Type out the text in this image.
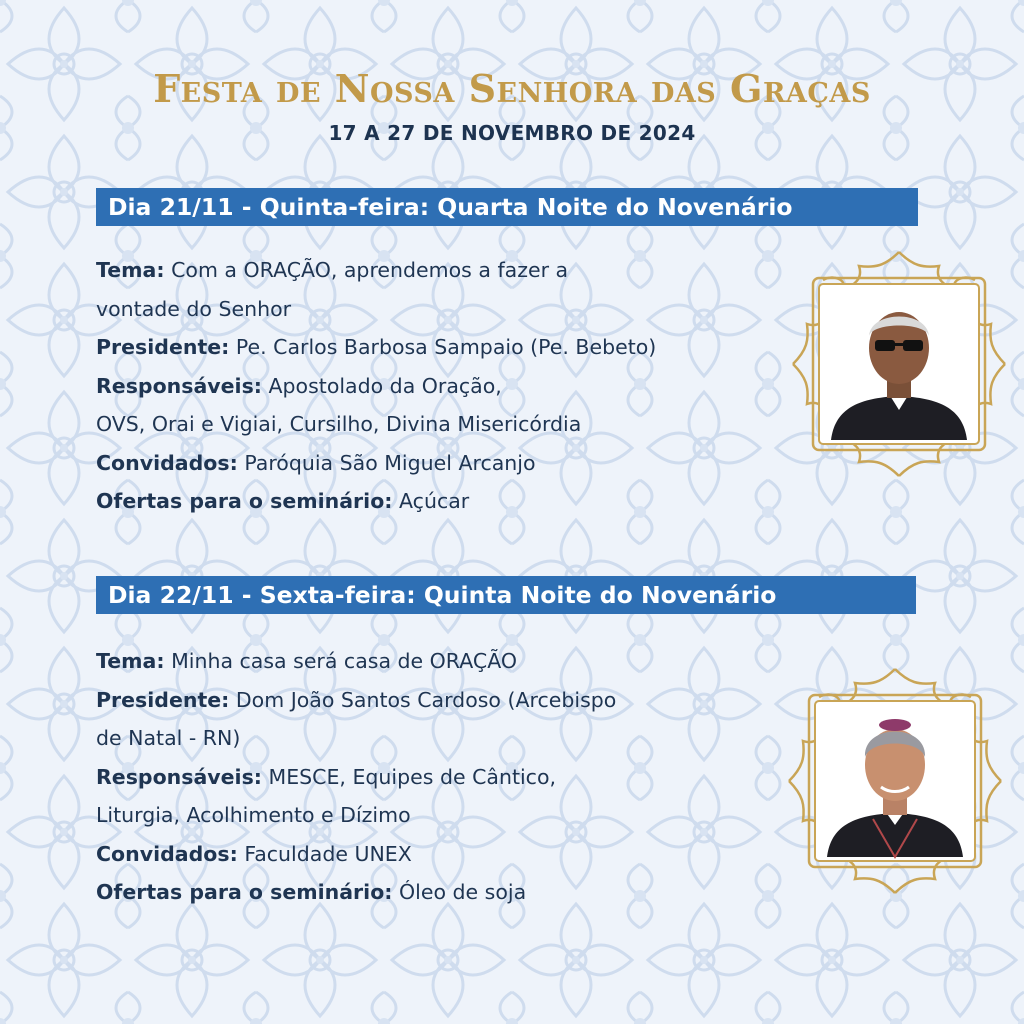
Festa de Nossa Senhora das Graças
17 A 27 DE NOVEMBRO DE 2024
Dia 21/11 - Quinta-feira: Quarta Noite do Novenário
Tema: Com a ORAÇÃO, aprendemos a fazer a
vontade do Senhor
Presidente: Pe. Carlos Barbosa Sampaio (Pe. Bebeto)
Responsáveis: Apostolado da Oração,
OVS, Orai e Vigiai, Cursilho, Divina Misericórdia
Convidados: Paróquia São Miguel Arcanjo
Ofertas para o seminário: Açúcar
Dia 22/11 - Sexta-feira: Quinta Noite do Novenário
Tema: Minha casa será casa de ORAÇÃO
Presidente: Dom João Santos Cardoso (Arcebispo
de Natal - RN)
Responsáveis: MESCE, Equipes de Cântico,
Liturgia, Acolhimento e Dízimo
Convidados: Faculdade UNEX
Ofertas para o seminário: Óleo de soja
